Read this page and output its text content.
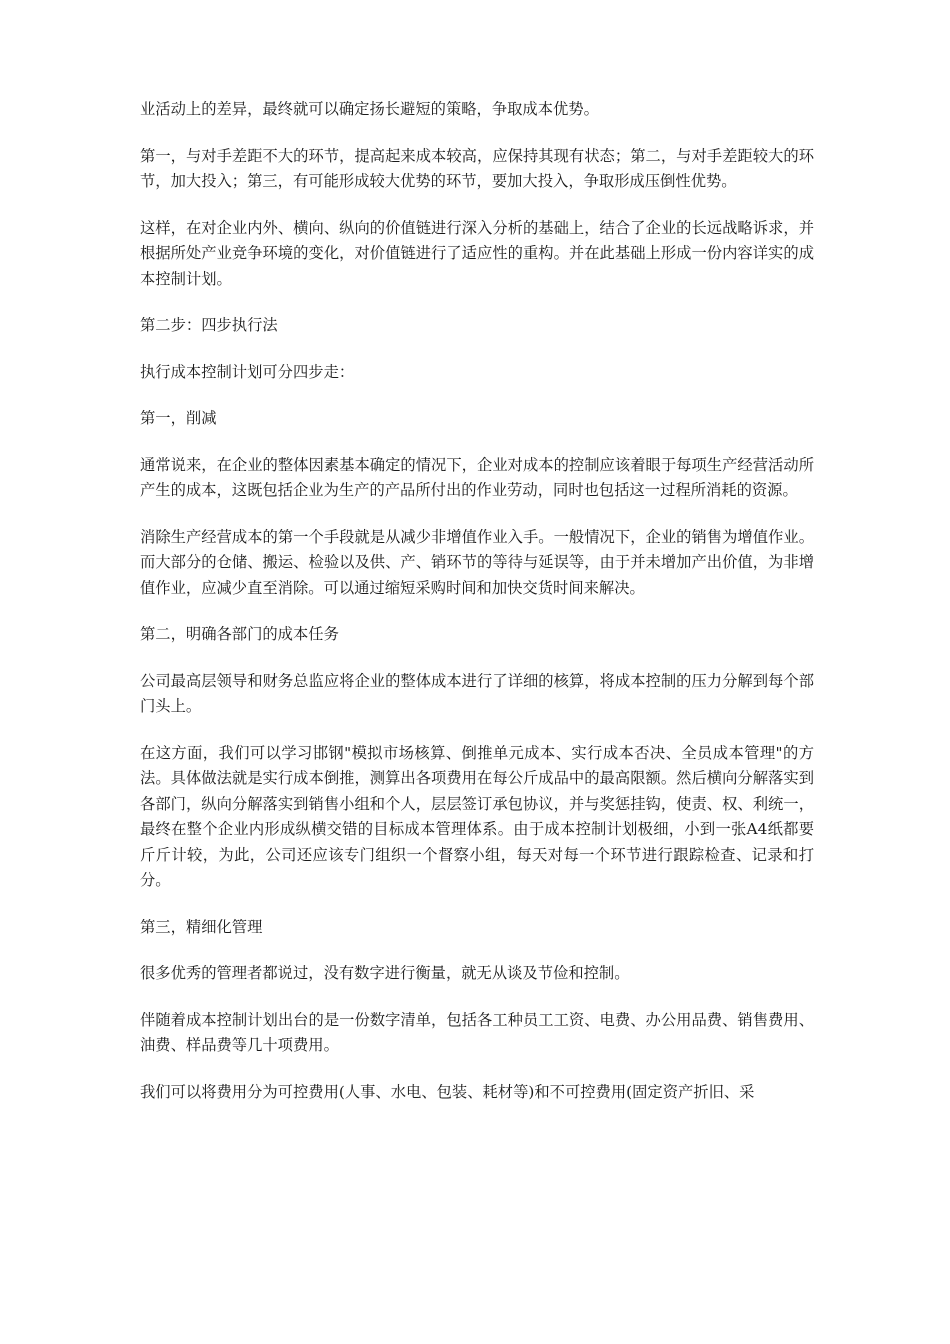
业活动上的差异，最终就可以确定扬长避短的策略，争取成本优势。

第一，与对手差距不大的环节，提高起来成本较高，应保持其现有状态；第二，与对手差距较大的环节，加大投入；第三，有可能形成较大优势的环节，要加大投入，争取形成压倒性优势。

这样，在对企业内外、横向、纵向的价值链进行深入分析的基础上，结合了企业的长远战略诉求，并根据所处产业竞争环境的变化，对价值链进行了适应性的重构。并在此基础上形成一份内容详实的成本控制计划。

第二步：四步执行法

执行成本控制计划可分四步走：

第一，削减

通常说来，在企业的整体因素基本确定的情况下，企业对成本的控制应该着眼于每项生产经营活动所产生的成本，这既包括企业为生产的产品所付出的作业劳动，同时也包括这一过程所消耗的资源。

消除生产经营成本的第一个手段就是从减少非增值作业入手。一般情况下，企业的销售为增值作业。而大部分的仓储、搬运、检验以及供、产、销环节的等待与延误等，由于并未增加产出价值，为非增值作业，应减少直至消除。可以通过缩短采购时间和加快交货时间来解决。

第二，明确各部门的成本任务

公司最高层领导和财务总监应将企业的整体成本进行了详细的核算，将成本控制的压力分解到每个部门头上。

在这方面，我们可以学习邯钢"模拟市场核算、倒推单元成本、实行成本否决、全员成本管理"的方法。具体做法就是实行成本倒推，测算出各项费用在每公斤成品中的最高限额。然后横向分解落实到各部门，纵向分解落实到销售小组和个人，层层签订承包协议，并与奖惩挂钩，使责、权、利统一，最终在整个企业内形成纵横交错的目标成本管理体系。由于成本控制计划极细，小到一张A4纸都要斤斤计较，为此，公司还应该专门组织一个督察小组，每天对每一个环节进行跟踪检查、记录和打分。

第三，精细化管理

很多优秀的管理者都说过，没有数字进行衡量，就无从谈及节俭和控制。

伴随着成本控制计划出台的是一份数字清单，包括各工种员工工资、电费、办公用品费、销售费用、油费、样品费等几十项费用。

我们可以将费用分为可控费用(人事、水电、包装、耗材等)和不可控费用(固定资产折旧、采
